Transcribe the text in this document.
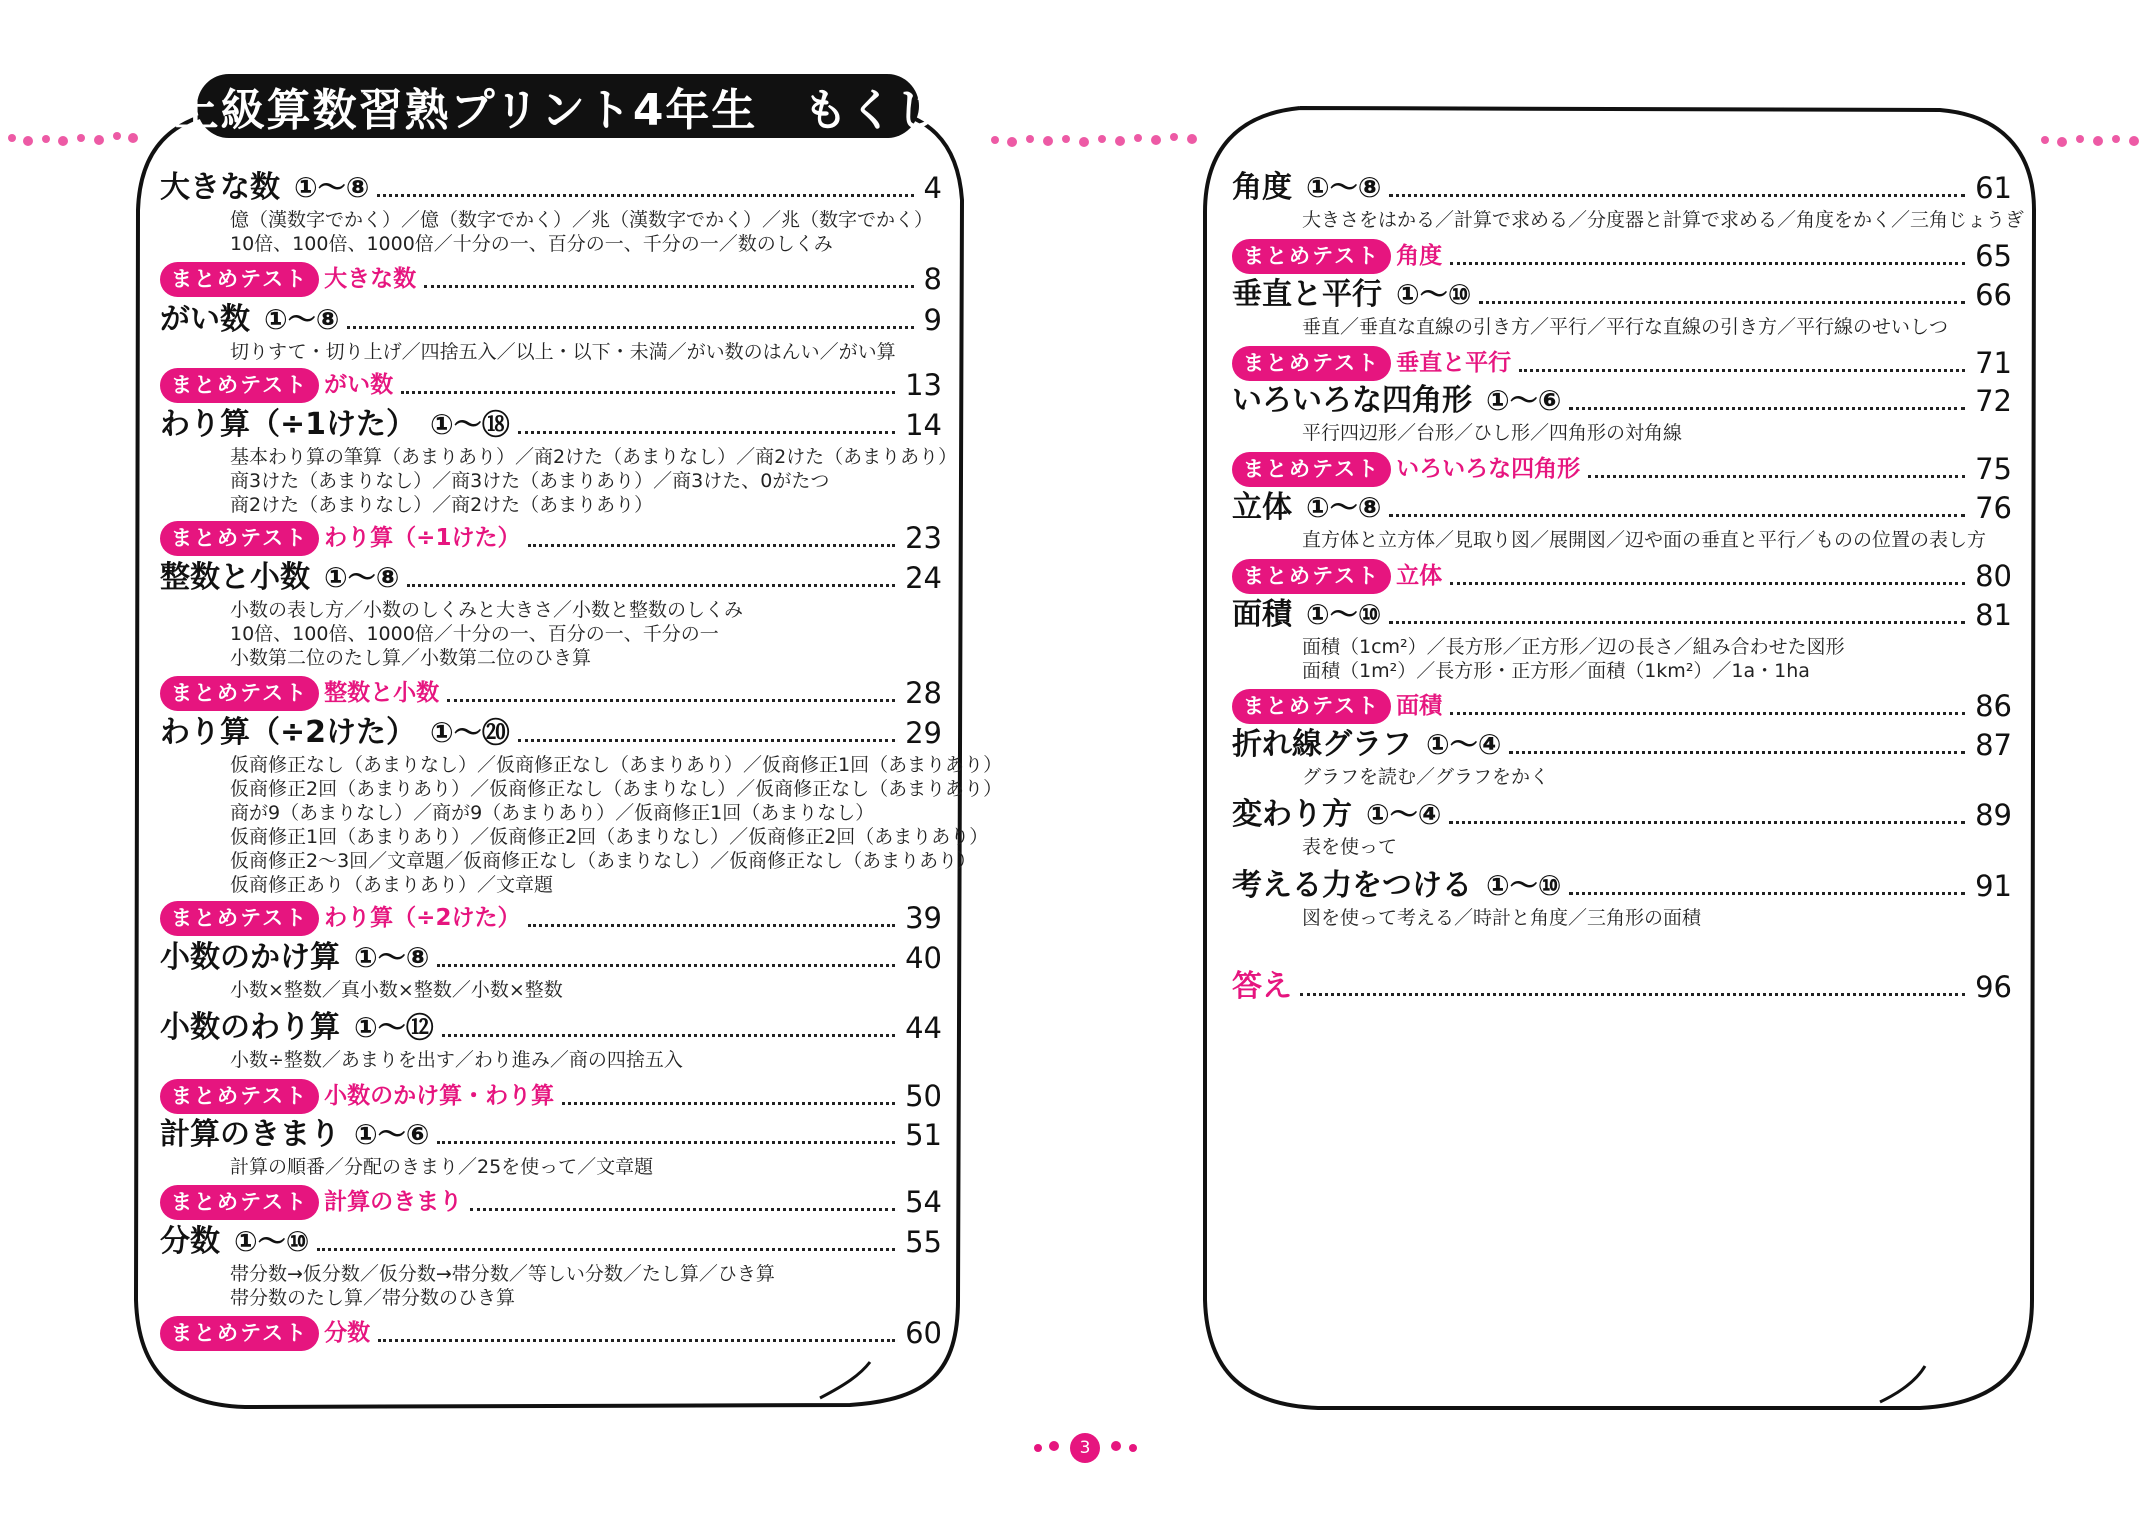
上級算数習熟プリント4年生　もくじ
大きな数 ①〜⑧	4
億（漢数字でかく）／億（数字でかく）／兆（漢数字でかく）／兆（数字でかく）
10倍、100倍、1000倍／十分の一、百分の一、千分の一／数のしくみ
まとめテスト 大きな数	8
がい数 ①〜⑧	9
切りすて・切り上げ／四捨五入／以上・以下・未満／がい数のはんい／がい算
まとめテスト がい数	13
わり算（÷1けた） ①〜⑱	14
基本わり算の筆算（あまりあり）／商2けた（あまりなし）／商2けた（あまりあり）
商3けた（あまりなし）／商3けた（あまりあり）／商3けた、0がたつ
商2けた（あまりなし）／商2けた（あまりあり）
まとめテスト わり算（÷1けた）	23
整数と小数 ①〜⑧	24
小数の表し方／小数のしくみと大きさ／小数と整数のしくみ
10倍、100倍、1000倍／十分の一、百分の一、千分の一
小数第二位のたし算／小数第二位のひき算
まとめテスト 整数と小数	28
わり算（÷2けた） ①〜⑳	29
仮商修正なし（あまりなし）／仮商修正なし（あまりあり）／仮商修正1回（あまりあり）
仮商修正2回（あまりあり）／仮商修正なし（あまりなし）／仮商修正なし（あまりあり）
商が9（あまりなし）／商が9（あまりあり）／仮商修正1回（あまりなし）
仮商修正1回（あまりあり）／仮商修正2回（あまりなし）／仮商修正2回（あまりあり）
仮商修正2〜3回／文章題／仮商修正なし（あまりなし）／仮商修正なし（あまりあり）
仮商修正あり（あまりあり）／文章題
まとめテスト わり算（÷2けた）	39
小数のかけ算 ①〜⑧	40
小数×整数／真小数×整数／小数×整数
小数のわり算 ①〜⑫	44
小数÷整数／あまりを出す／わり進み／商の四捨五入
まとめテスト 小数のかけ算・わり算	50
計算のきまり ①〜⑥	51
計算の順番／分配のきまり／25を使って／文章題
まとめテスト 計算のきまり	54
分数 ①〜⑩	55
帯分数→仮分数／仮分数→帯分数／等しい分数／たし算／ひき算
帯分数のたし算／帯分数のひき算
まとめテスト 分数	60
角度 ①〜⑧	61
大きさをはかる／計算で求める／分度器と計算で求める／角度をかく／三角じょうぎ
まとめテスト 角度	65
垂直と平行 ①〜⑩	66
垂直／垂直な直線の引き方／平行／平行な直線の引き方／平行線のせいしつ
まとめテスト 垂直と平行	71
いろいろな四角形 ①〜⑥	72
平行四辺形／台形／ひし形／四角形の対角線
まとめテスト いろいろな四角形	75
立体 ①〜⑧	76
直方体と立方体／見取り図／展開図／辺や面の垂直と平行／ものの位置の表し方
まとめテスト 立体	80
面積 ①〜⑩	81
面積（1cm²）／長方形／正方形／辺の長さ／組み合わせた図形
面積（1m²）／長方形・正方形／面積（1km²）／1a・1ha
まとめテスト 面積	86
折れ線グラフ ①〜④	87
グラフを読む／グラフをかく
変わり方 ①〜④	89
表を使って
考える力をつける ①〜⑩	91
図を使って考える／時計と角度／三角形の面積
答え	96
3
